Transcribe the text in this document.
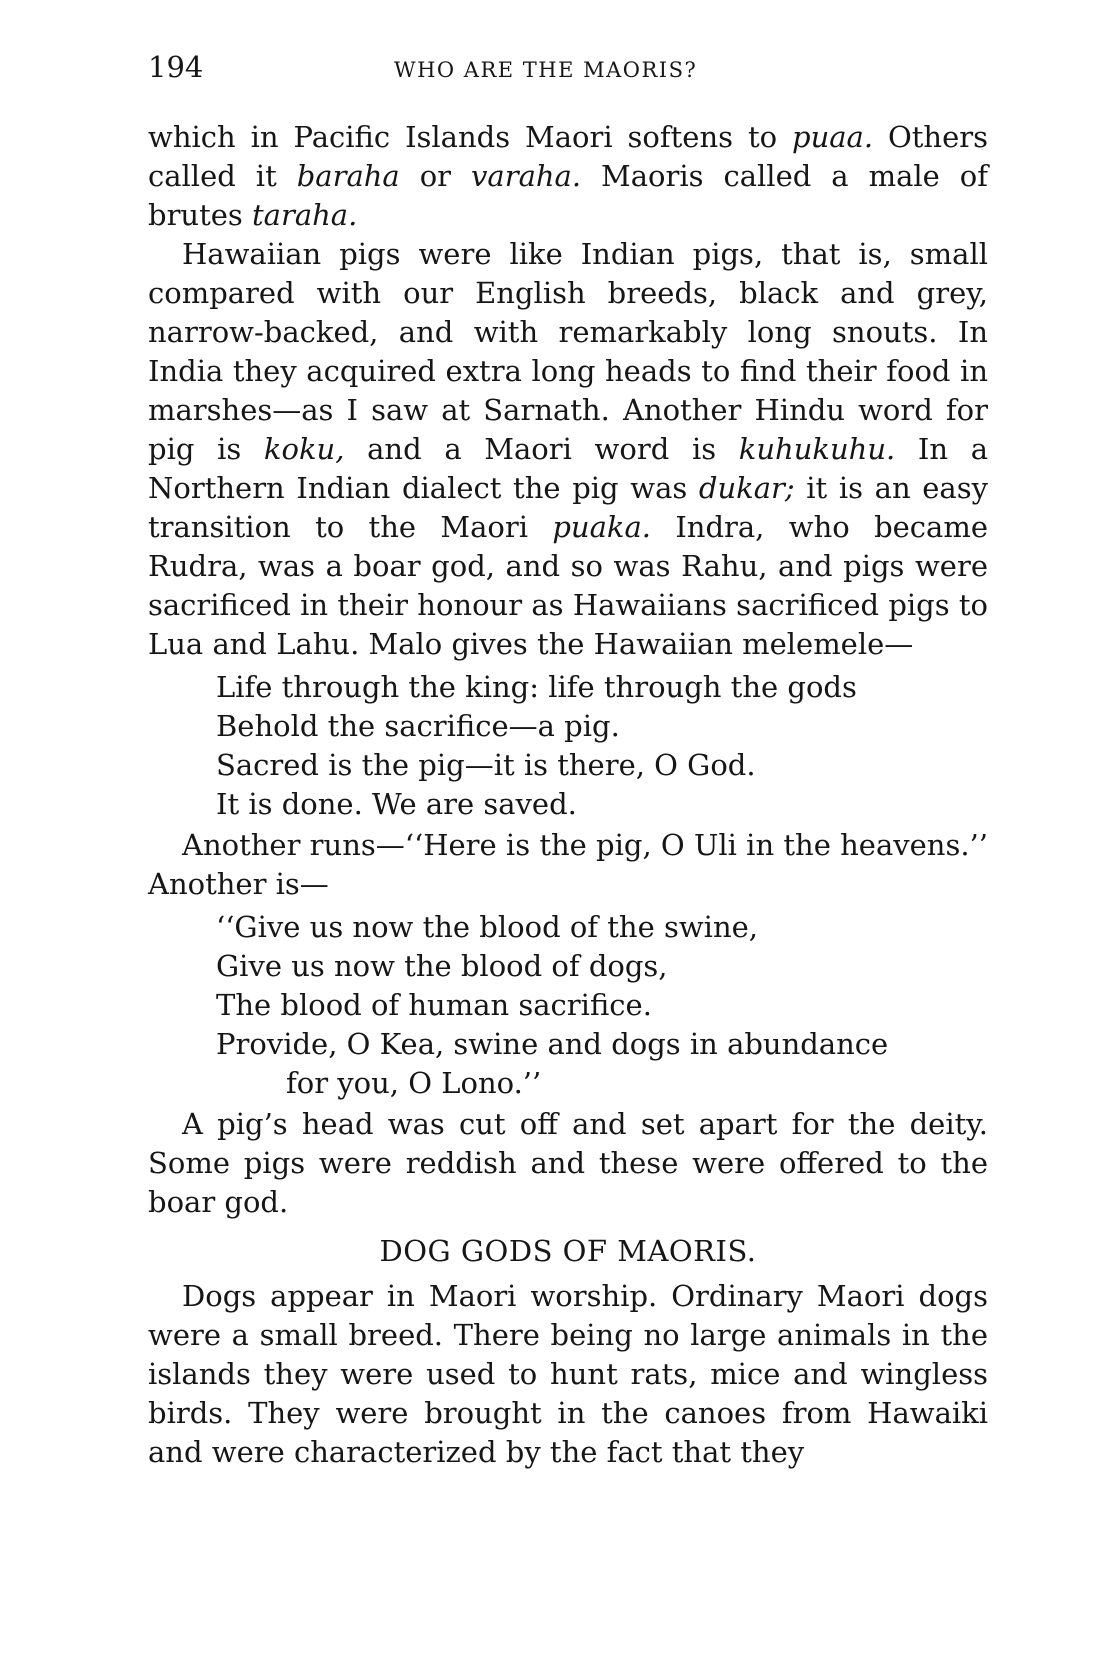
194	WHO ARE THE MAORIS?

which in Pacific Islands Maori softens to puaa. Others called it baraha or varaha. Maoris called a male of brutes taraha.

Hawaiian pigs were like Indian pigs, that is, small compared with our English breeds, black and grey, narrow-backed, and with remarkably long snouts. In India they acquired extra long heads to find their food in marshes—as I saw at Sarnath. Another Hindu word for pig is koku, and a Maori word is kuhukuhu. In a Northern Indian dialect the pig was dukar; it is an easy transition to the Maori puaka. Indra, who became Rudra, was a boar god, and so was Rahu, and pigs were sacrificed in their honour as Hawaiians sacrificed pigs to Lua and Lahu. Malo gives the Hawaiian melemele—

Life through the king: life through the gods
Behold the sacrifice—a pig.
Sacred is the pig—it is there, O God.
It is done. We are saved.

Another runs—‘‘Here is the pig, O Uli in the heavens.’’ Another is—

‘‘Give us now the blood of the swine,
Give us now the blood of dogs,
The blood of human sacrifice.
Provide, O Kea, swine and dogs in abundance
for you, O Lono.’’

A pig’s head was cut off and set apart for the deity. Some pigs were reddish and these were offered to the boar god.

DOG GODS OF MAORIS.

Dogs appear in Maori worship. Ordinary Maori dogs were a small breed. There being no large animals in the islands they were used to hunt rats, mice and wingless birds. They were brought in the canoes from Hawaiki and were characterized by the fact that they
